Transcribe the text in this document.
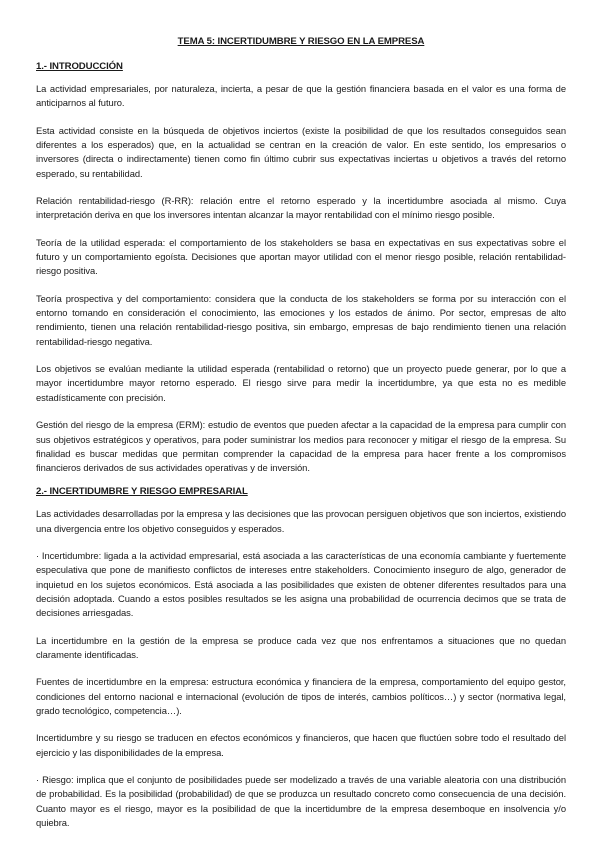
TEMA 5: INCERTIDUMBRE Y RIESGO EN LA EMPRESA
1.- INTRODUCCIÓN

La actividad empresariales, por naturaleza, incierta, a pesar de que la gestión financiera basada en el valor es una forma de anticiparnos al futuro.

Esta actividad consiste en la búsqueda de objetivos inciertos (existe la posibilidad de que los resultados conseguidos sean diferentes a los esperados) que, en la actualidad se centran en la creación de valor. En este sentido, los empresarios o inversores (directa o indirectamente) tienen como fin último cubrir sus expectativas inciertas u objetivos a través del retorno esperado, su rentabilidad.

Relación rentabilidad-riesgo (R-RR): relación entre el retorno esperado y la incertidumbre asociada al mismo. Cuya interpretación deriva en que los inversores intentan alcanzar la mayor rentabilidad con el mínimo riesgo posible.

Teoría de la utilidad esperada: el comportamiento de los stakeholders se basa en expectativas en sus expectativas sobre el futuro y un comportamiento egoísta. Decisiones que aportan mayor utilidad con el menor riesgo posible, relación rentabilidad-riesgo positiva.

Teoría prospectiva y del comportamiento: considera que la conducta de los stakeholders se forma por su interacción con el entorno tomando en consideración el conocimiento, las emociones y los estados de ánimo. Por sector, empresas de alto rendimiento, tienen una relación rentabilidad-riesgo positiva, sin embargo, empresas de bajo rendimiento tienen una relación rentabilidad-riesgo negativa.

Los objetivos se evalúan mediante la utilidad esperada (rentabilidad o retorno) que un proyecto puede generar, por lo que a mayor incertidumbre mayor retorno esperado. El riesgo sirve para medir la incertidumbre, ya que esta no es medible estadísticamente con precisión.

Gestión del riesgo de la empresa (ERM): estudio de eventos que pueden afectar a la capacidad de la empresa para cumplir con sus objetivos estratégicos y operativos, para poder suministrar los medios para reconocer y mitigar el riesgo de la empresa. Su finalidad es buscar medidas que permitan comprender la capacidad de la empresa para hacer frente a los compromisos financieros derivados de sus actividades operativas y de inversión.

2.- INCERTIDUMBRE Y RIESGO EMPRESARIAL

Las actividades desarrolladas por la empresa y las decisiones que las provocan persiguen objetivos que son inciertos, existiendo una divergencia entre los objetivo conseguidos y esperados.

· Incertidumbre: ligada a la actividad empresarial, está asociada a las características de una economía cambiante y fuertemente especulativa que pone de manifiesto conflictos de intereses entre stakeholders. Conocimiento inseguro de algo, generador de inquietud en los sujetos económicos. Está asociada a las posibilidades que existen de obtener diferentes resultados para una decisión adoptada. Cuando a estos posibles resultados se les asigna una probabilidad de ocurrencia decimos que se trata de decisiones arriesgadas.

La incertidumbre en la gestión de la empresa se produce cada vez que nos enfrentamos a situaciones que no quedan claramente identificadas.

Fuentes de incertidumbre en la empresa: estructura económica y financiera de la empresa, comportamiento del equipo gestor, condiciones del entorno nacional e internacional (evolución de tipos de interés, cambios políticos…) y sector (normativa legal, grado tecnológico, competencia…).

Incertidumbre y su riesgo se traducen en efectos económicos y financieros, que hacen que fluctúen sobre todo el resultado del ejercicio y las disponibilidades de la empresa.

· Riesgo: implica que el conjunto de posibilidades puede ser modelizado a través de una variable aleatoria con una distribución de probabilidad. Es la posibilidad (probabilidad) de que se produzca un resultado concreto como consecuencia de una decisión. Cuanto mayor es el riesgo, mayor es la posibilidad de que la incertidumbre de la empresa desemboque en insolvencia y/o quiebra.
